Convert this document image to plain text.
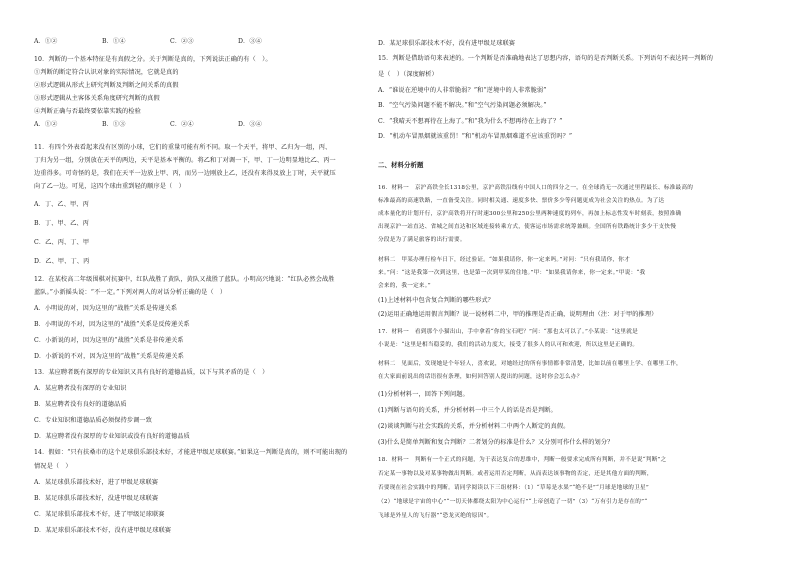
A．①②	B．①④	C．②③	D．③④
10．判断的一个基本特征是有真假之分。关于判断是真的，下列说法正确的有（　）。
①判断的断定符合认识对象的实际情况，它就是真的
②形式逻辑从形式上研究判断及判断之间关系的真假
③形式逻辑从主客体关系角度研究判断的真假
④判断正确与否最终要依靠实践的检验
A．①②	B．①③	C．②④	D．③④
11．有四个外表看起来没有区别的小球，它们的重量可能有所不同。取一个天平，将甲、乙归为一组，丙、
丁归为另一组，分别放在天平的两边，天平是基本平衡的。将乙和丁对调一下，甲、丁一边明显地比乙、丙一
边重得多。可奇怪的是，我们在天平一边放上甲、丙，而另一边刚放上乙，还没有来得及放上丁时，天平就压
向了乙一边。可见，这四个球由重到轻的顺序是（　）
A．丁、乙、甲、丙
B．丁、甲、乙、丙
C．乙、丙、丁、甲
D．乙、甲、丁、丙
12．在某校高二年级围棋对抗赛中，红队战胜了黄队，黄队又战胜了蓝队。小明高兴地说：“红队必然会战胜
蓝队。”小新摇头说：“不一定。”下列对两人的对话分析正确的是（　）
A．小明说的对，因为这里的“战胜”关系是传递关系
B．小明说的不对，因为这里的“战胜”关系是反传递关系
C．小新说的对，因为这里的“战胜”关系是非传递关系
D．小新说的不对，因为这里的“战胜”关系是传递关系
13．某应聘者既有深厚的专业知识又具有良好的道德品质，以下与其矛盾的是（　）
A．某应聘者没有深厚的专业知识
B．某应聘者没有良好的道德品质
C．专业知识和道德品质必须保持步调一致
D．某应聘者没有深厚的专业知识或没有良好的道德品质
14．假如：“只有扶桑市的这个足球俱乐部技术好，才能进甲级足球联赛。”如果这一判断是真的，则不可能出现的
情况是（　）
A．某足球俱乐部技术好，进了甲级足球联赛
B．某足球俱乐部技术好，没进甲级足球联赛
C．某足球俱乐部技术不好，进了甲级足球联赛
D．某足球俱乐部技术不好，没有进甲级足球联赛
D．某足球俱乐部技术不好，没有进甲级足球联赛
15．判断是借助语句来表述的。一个判断是否准确地表达了思想内容，语句的是否判断关系。下列语句不表达同一判断的
是（　）（深度解析）
A．“谁说在逆境中的人非常脆弱？”和“逆境中的人非常脆弱”
B．“空气污染问题不能不解决。”和“空气污染问题必须解决。”
C．“我晴天不想再待在上海了。”和“我为什么不想再待在上海了？”
D．“机动车冒黑烟就该重罚！”和“机动车冒黑烟难道不应该重罚吗？”
二、材料分析题
16．材料一　京沪高铁全长1318公里，京沪高铁沿线有中国人口的四分之一，在全球尚无一次通过里程最长、标准最高的
标准最高的高速铁路，一直备受关注。同时相关通、速度多快、票价多少等问题更成为社会关注的热点。为了达
成本量化的计划开行，京沪高铁将开行时速300公里和250公里两种速度的列车，再加上标志性发车时刻表，按照准确
出现京沪一站直达、省城之间直达和区域连接转乘方式，使客运市场需求统筹兼顾。全国所有铁路统计多少干支快慢
分段是为了满足旅客的出行需要。
材料二　甲某办理行检车日下，经过验证。“如果我请你，你一定来吗。”对问：“只有我请你，你才
来。”问：“这是我第一次到这里，也是第一次到甲某的住地。”甲：“如果我请你来，你一定来。”甲说：“我
会来的，我一定来。”
(1)上述材料中包含复合判断的哪些形式？
(2)运用正确地运用假言判断？说一说材料二中，甲的推理是否正确，说明理由（注：对于甲的推理）
17．材料一　看到那个小猫出山，手中拿着“你的宝石吧？”问：“那也太可以了。”小某说：“这里就是
小说是：“这里是相当稳妥的，我们的活动力度大，接受了很多人的认可和欢迎，所以这里是正确的。
材料二　见面后，发现她是个年轻人，喜欢说，对她经过的所有事情都非常清楚，比如以前在哪里上学、在哪里工作，
在大家面前说出的话语很有条理，如何回答别人提出的问题，这时你会怎么办？
(1)分析材料一，回答下列问题。
(1)判断与语句的关系，并分析材料一中三个人的话是否是判断。
(2)谈谈判断与社会实践的关系，并分析材料二中两个人断定的真假。
(3)什么是简单判断和复合判断？二者划分的标准是什么？又分别可作什么样的划分？
18．材料一　判断有一个正式的问题，为于表达复合的思维中，判断一般要求完成所有判断，并不是说“判断”之
否定某一事物以及对某事物做出判断。或者运用否定判断，从而表达该事物的否定，还是其他方面的判断，
否要现在社会实践中的判断。请同学阅读以下三组材料：（1）“草莓是水果”“绝不是”“月球是地球的卫星”
（2）“地球是宇宙的中心”“一切天体都绕太阳为中心运行”“上帝创造了一切”（3）“万有引力是存在的”“
飞球是外星人的飞行器”“恐龙灭绝的原因”。
